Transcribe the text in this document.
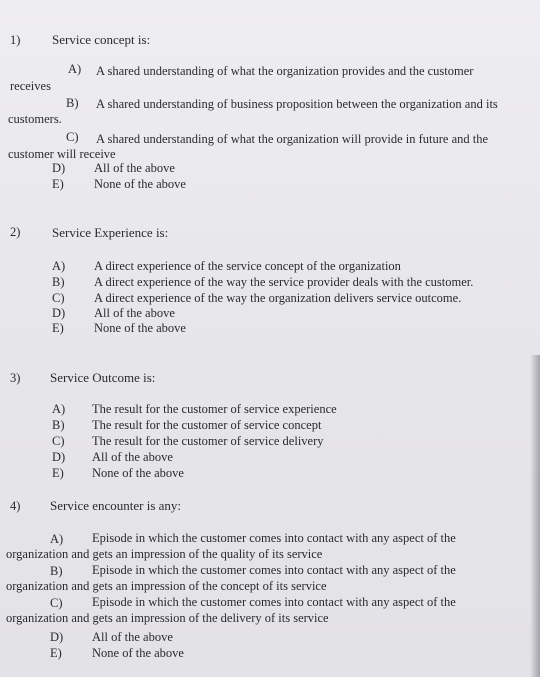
1) Service concept is:
A) A shared understanding of what the organization provides and the customer
receives
B) A shared understanding of business proposition between the organization and its
customers.
C) A shared understanding of what the organization will provide in future and the
customer will receive
D) All of the above
E) None of the above
2) Service Experience is:
A) A direct experience of the service concept of the organization
B) A direct experience of the way the service provider deals with the customer.
C) A direct experience of the way the organization delivers service outcome.
D) All of the above
E) None of the above
3) Service Outcome is:
A) The result for the customer of service experience
B) The result for the customer of service concept
C) The result for the customer of service delivery
D) All of the above
E) None of the above
4) Service encounter is any:
A) Episode in which the customer comes into contact with any aspect of the
organization and gets an impression of the quality of its service
B) Episode in which the customer comes into contact with any aspect of the
organization and gets an impression of the concept of its service
C) Episode in which the customer comes into contact with any aspect of the
organization and gets an impression of the delivery of its service
D) All of the above
E) None of the above
